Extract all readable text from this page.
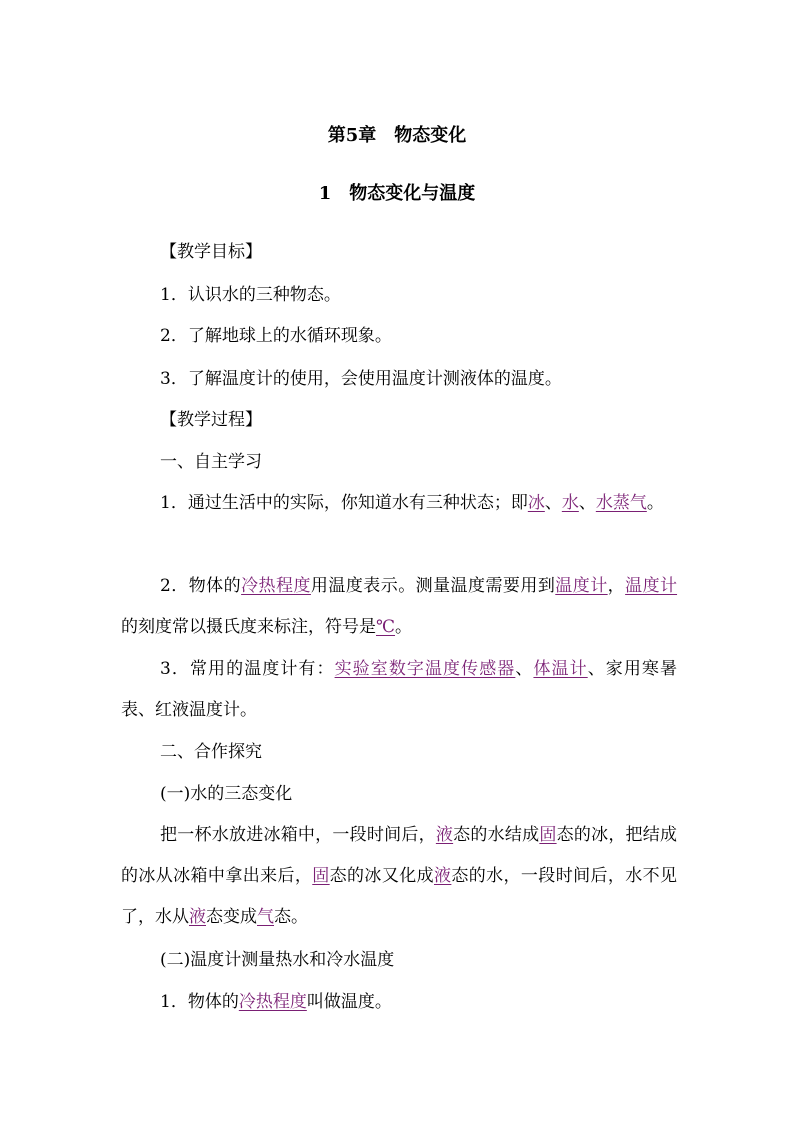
第5章　物态变化
1　物态变化与温度
【教学目标】
1．认识水的三种物态。
2．了解地球上的水循环现象。
3．了解温度计的使用，会使用温度计测液体的温度。
【教学过程】
一、自主学习
1．通过生活中的实际，你知道水有三种状态；即冰、水、水蒸气。
2．物体的冷热程度用温度表示。测量温度需要用到温度计，温度计的刻度常以摄氏度来标注，符号是℃。
3．常用的温度计有：实验室数字温度传感器、体温计、家用寒暑表、红液温度计。
二、合作探究
(一)水的三态变化
把一杯水放进冰箱中，一段时间后，液态的水结成固态的冰，把结成的冰从冰箱中拿出来后，固态的冰又化成液态的水，一段时间后，水不见了，水从液态变成气态。
(二)温度计测量热水和冷水温度
1．物体的冷热程度叫做温度。
